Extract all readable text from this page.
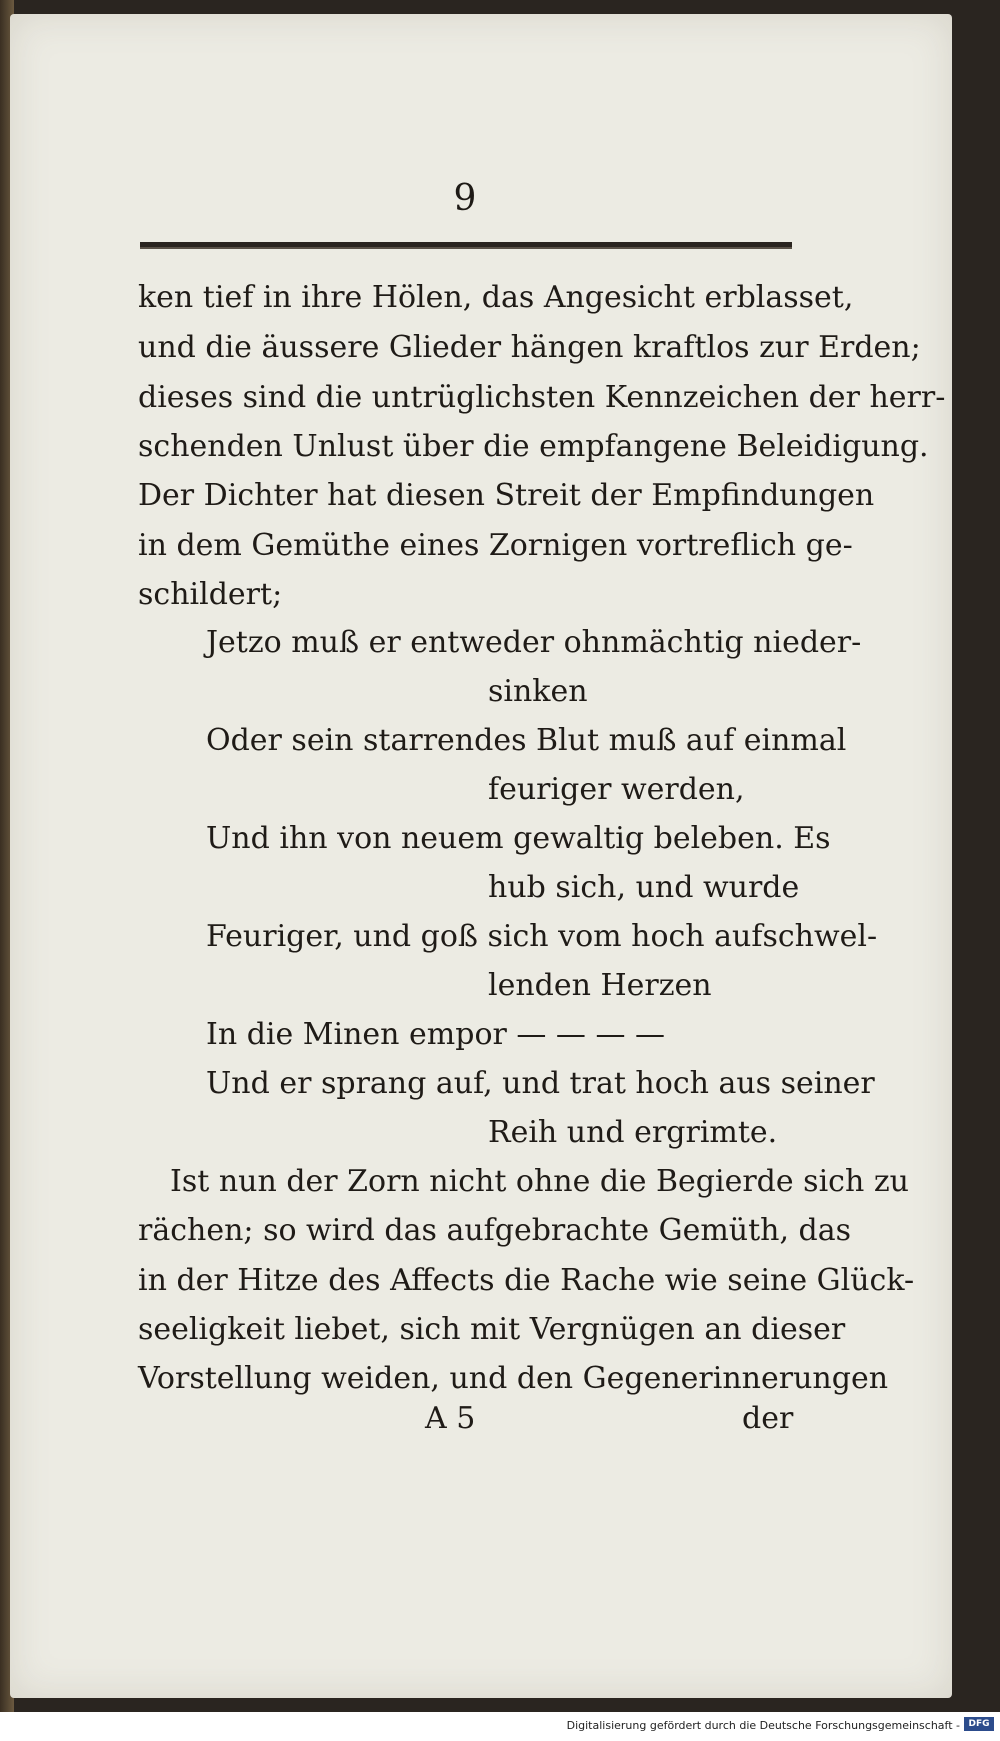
9
ken tief in ihre Hölen, das Angesicht erblasset,
und die äussere Glieder hängen kraftlos zur Erden;
dieses sind die untrüglichsten Kennzeichen der herr-
schenden Unlust über die empfangene Beleidigung.
Der Dichter hat diesen Streit der Empfindungen
in dem Gemüthe eines Zornigen vortreflich ge-
schildert;
Jetzo muß er entweder ohnmächtig nieder-
sinken
Oder sein starrendes Blut muß auf einmal
feuriger werden,
Und ihn von neuem gewaltig beleben. Es
hub sich, und wurde
Feuriger, und goß sich vom hoch aufschwel-
lenden Herzen
In die Minen empor — — — —
Und er sprang auf, und trat hoch aus seiner
Reih und ergrimte.
Ist nun der Zorn nicht ohne die Begierde sich zu
rächen; so wird das aufgebrachte Gemüth, das
in der Hitze des Affects die Rache wie seine Glück-
seeligkeit liebet, sich mit Vergnügen an dieser
Vorstellung weiden, und den Gegenerinnerungen
A 5	der
Digitalisierung gefördert durch die Deutsche Forschungsgemeinschaft - DFG
